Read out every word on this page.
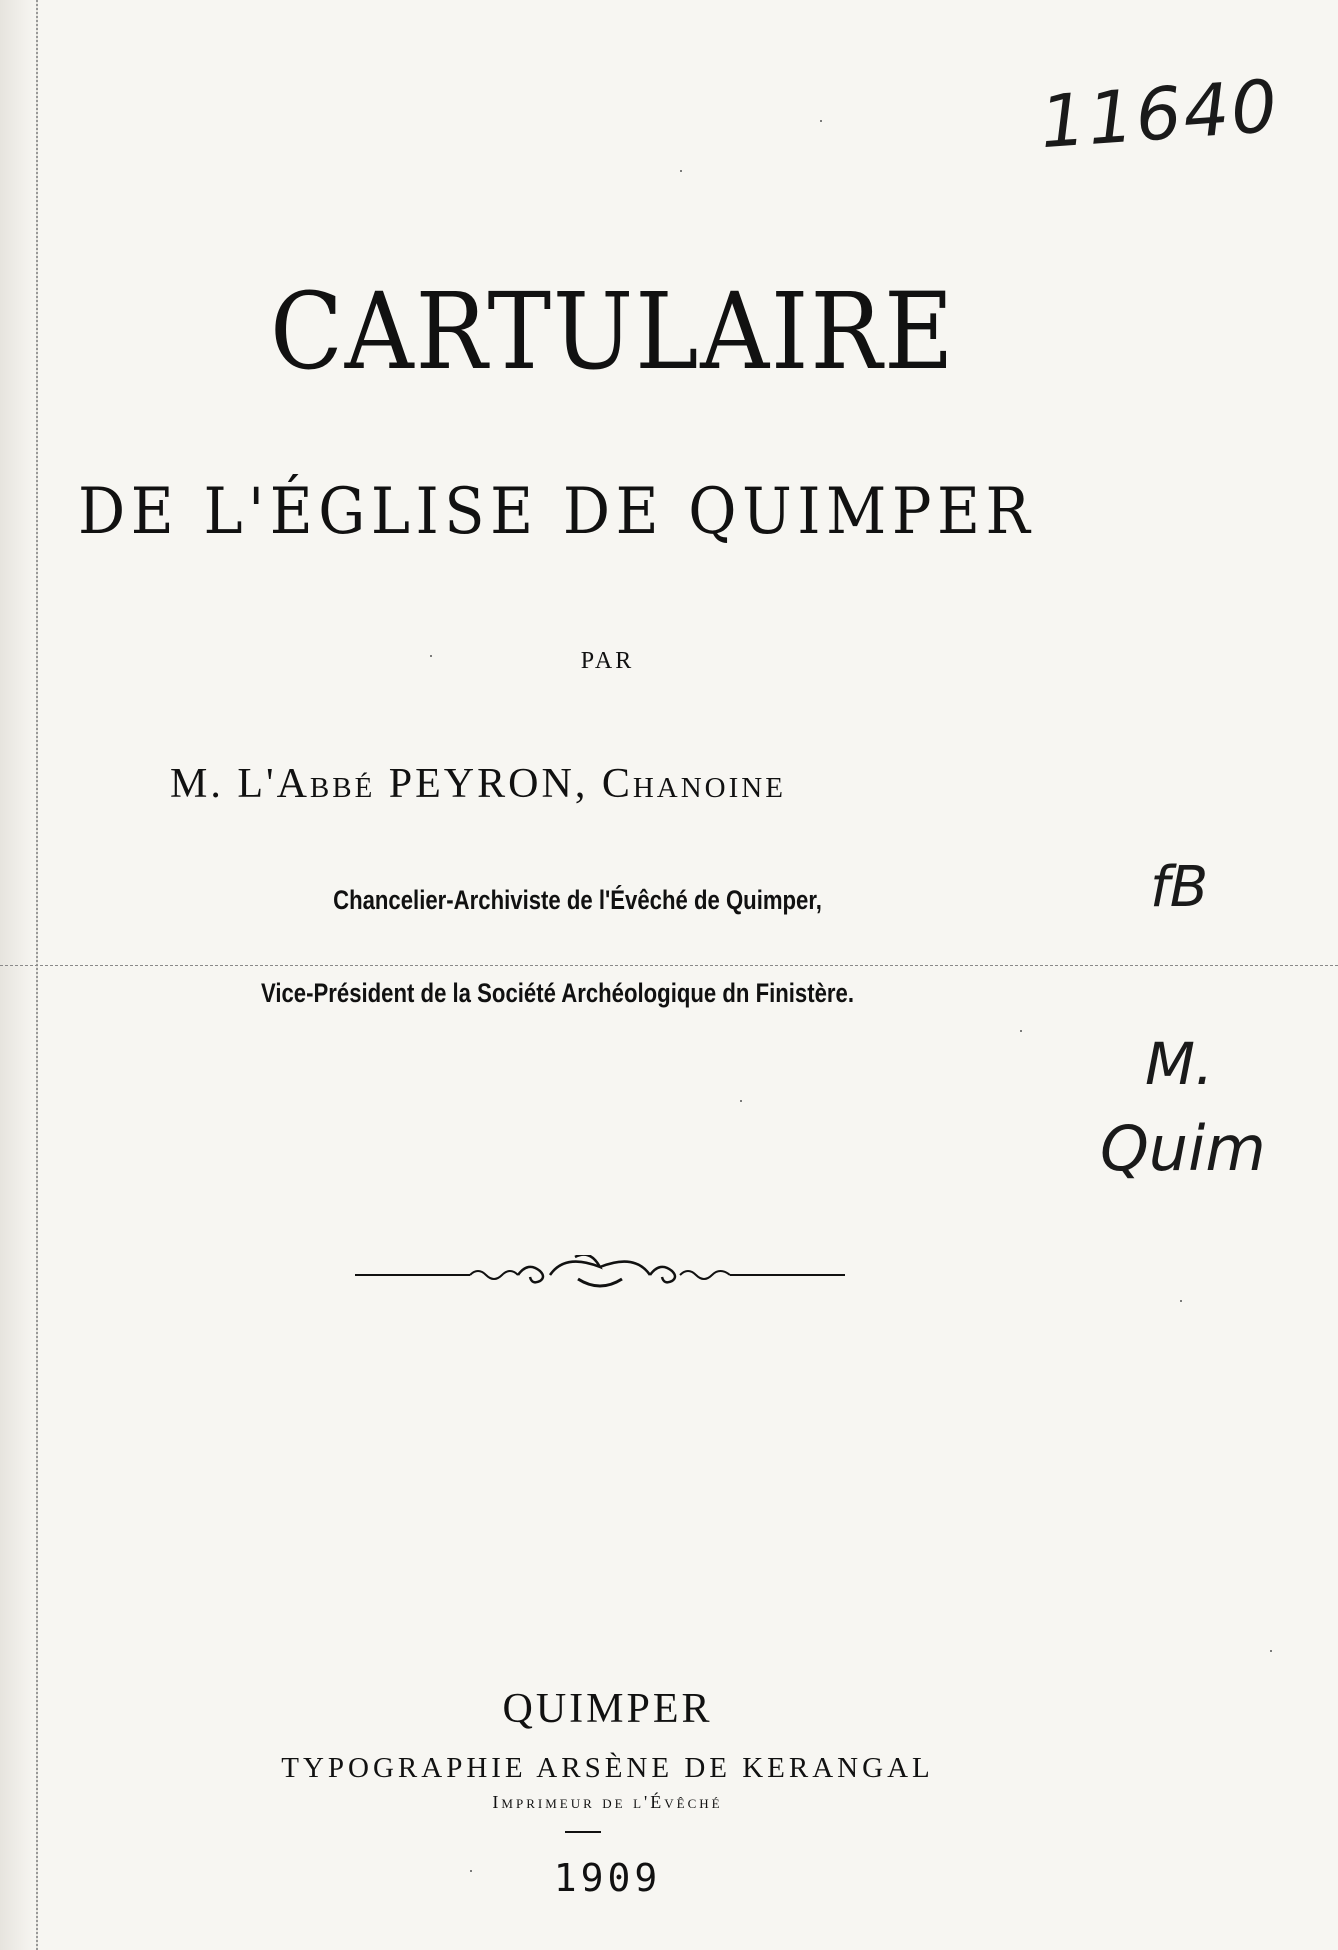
11640
fB
M.
Quim
CARTULAIRE
DE L'ÉGLISE DE QUIMPER
PAR
M. L'Abbé PEYRON, Chanoine
Chancelier-Archiviste de l'Évêché de Quimper,
Vice-Président de la Société Archéologique dn Finistère.
QUIMPER
TYPOGRAPHIE ARSÈNE DE KERANGAL
Imprimeur de l'Évêché
1909
